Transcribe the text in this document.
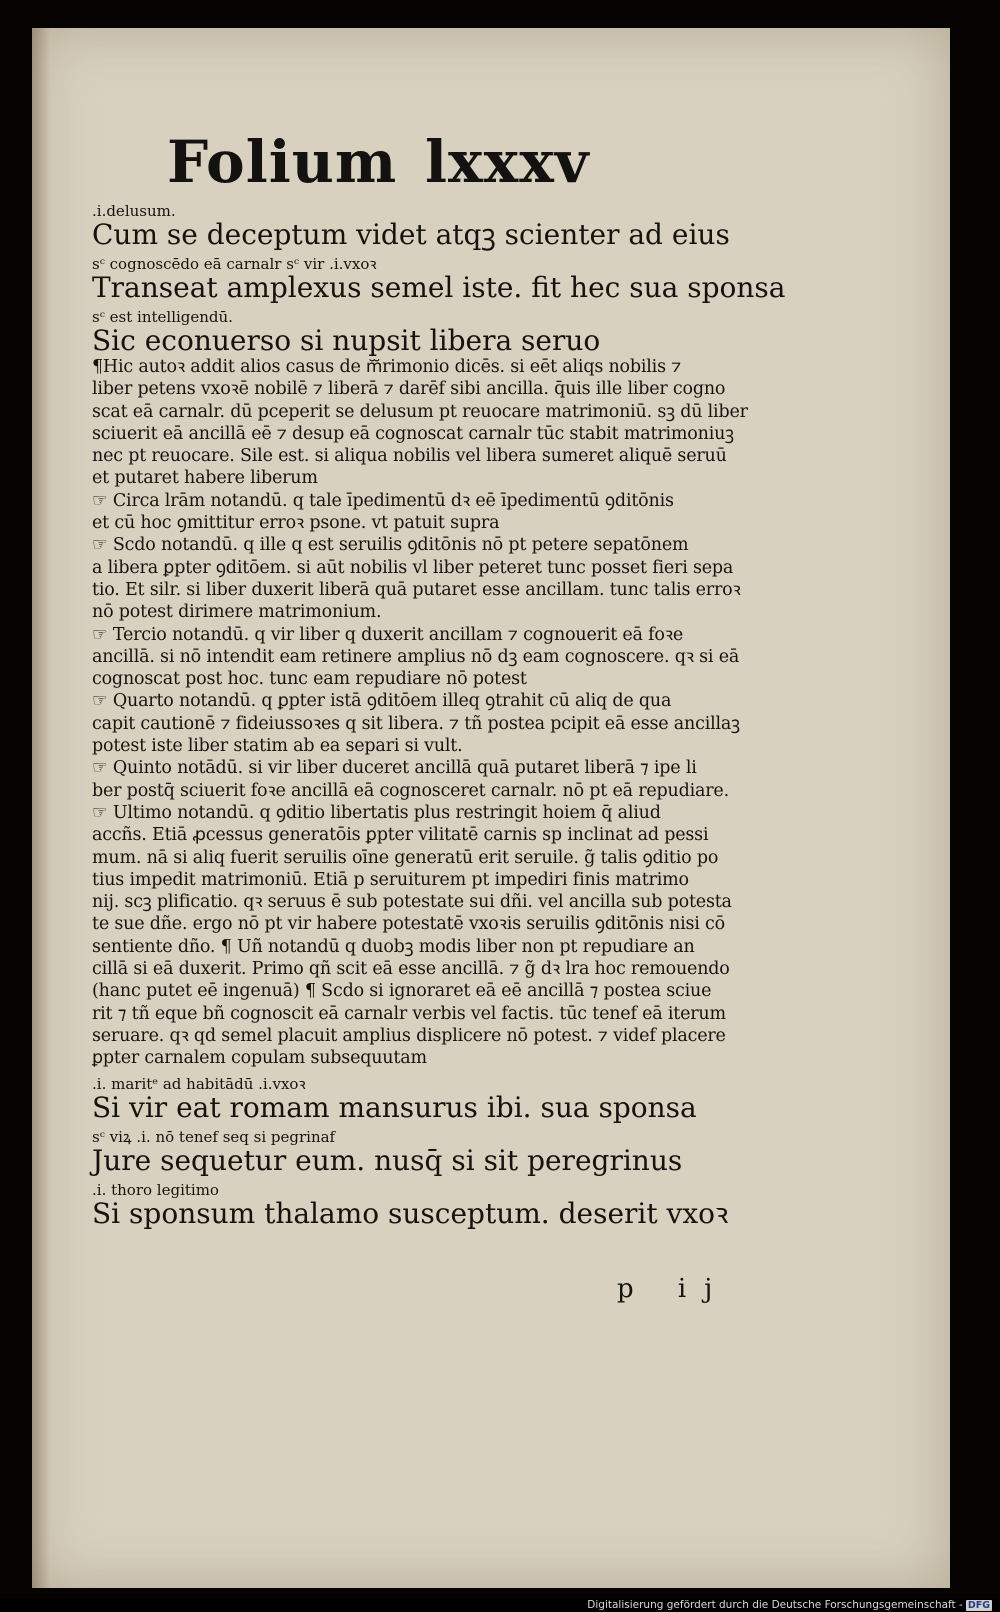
Folium lxxxv
.i.delusum.
Cum se deceptum videt atqꝫ scienter ad eius
sᶜ cognoscēdo eā carnalr sᶜ vir .i.vxoꝛ
Transeat amplexus semel iste. fit hec sua sponsa
sᶜ est intelligendū.
Sic econuerso si nupsit libera seruo
¶Hic autoꝛ addit alios casus de mᷓrimonio dicēs. si eēt aliqs nobilis ⁊
liber petens vxoꝛē nobilē ⁊ liberā ⁊ darēf sibi ancilla. q̄uis ille liber cogno
scat eā carnalr. dū pceperit se delusum pt reuocare matrimoniū. sꝫ dū liber
sciuerit eā ancillā eē ⁊ desup eā cognoscat carnalr tūc stabit matrimoniuꝫ
nec pt reuocare. Sile est. si aliqua nobilis vel libera sumeret aliquē seruū
et putaret habere liberum
☞ Circa lrām notandū. q tale īpedimentū dꝛ eē īpedimentū ꝯditōnis
et cū hoc ꝯmittitur erroꝛ psone. vt patuit supra
☞ Scdo notandū. q ille q est seruilis ꝯditōnis nō pt petere sepatōnem
a libera ꝑpter ꝯditōem. si aūt nobilis vl liber peteret tunc posset fieri sepa
tio. Et silr. si liber duxerit liberā quā putaret esse ancillam. tunc talis erroꝛ
nō potest dirimere matrimonium.
☞ Tercio notandū. q vir liber q duxerit ancillam ⁊ cognouerit eā foꝛe
ancillā. si nō intendit eam retinere amplius nō dꝫ eam cognoscere. qꝛ si eā
cognoscat post hoc. tunc eam repudiare nō potest
☞ Quarto notandū. q ꝑpter istā ꝯditōem illeq ꝯtrahit cū aliq de qua
capit cautionē ⁊ fideiussoꝛes q sit libera. ⁊ tñ postea pcipit eā esse ancillaꝫ
potest iste liber statim ab ea separi si vult.
☞ Quinto notādū. si vir liber duceret ancillā quā putaret liberā ⁊ ipe li
ber postq̄ sciuerit foꝛe ancillā eā cognosceret carnalr. nō pt eā repudiare.
☞ Ultimo notandū. q ꝯditio libertatis plus restringit hoiem q̄ aliud
accñs. Etiā ꝓcessus generatōis ꝑpter vilitatē carnis sp inclinat ad pessi
mum. nā si aliq fuerit seruilis oīne generatū erit seruile. g̃ talis ꝯditio po
tius impedit matrimoniū. Etiā p seruiturem pt impediri finis matrimo
nij. scꝫ plificatio. qꝛ seruus ē sub potestate sui dñi. vel ancilla sub potesta
te sue dñe. ergo nō pt vir habere potestatē vxoꝛis seruilis ꝯditōnis nisi cō
sentiente dño. ¶ Uñ notandū q duobꝫ modis liber non pt repudiare an
cillā si eā duxerit. Primo qñ scit eā esse ancillā. ⁊ g̃ dꝛ lra hoc remouendo
(hanc putet eē ingenuā) ¶ Scdo si ignoraret eā eē ancillā ⁊ postea sciue
rit ⁊ tñ eque bñ cognoscit eā carnalr verbis vel factis. tūc tenef eā iterum
seruare. qꝛ qd semel placuit amplius displicere nō potest. ⁊ videf placere
ꝑpter carnalem copulam subsequutam
.i. maritᵉ ad habitādū .i.vxoꝛ
Si vir eat romam mansurus ibi. sua sponsa
sᶜ viꝝ .i. nō tenef seq si pegrinaf
Jure sequetur eum. nusq̄ si sit peregrinus
.i. thoro legitimo
Si sponsum thalamo susceptum. deserit vxoꝛ
p ij
Digitalisierung gefördert durch die Deutsche Forschungsgemeinschaft - DFG
